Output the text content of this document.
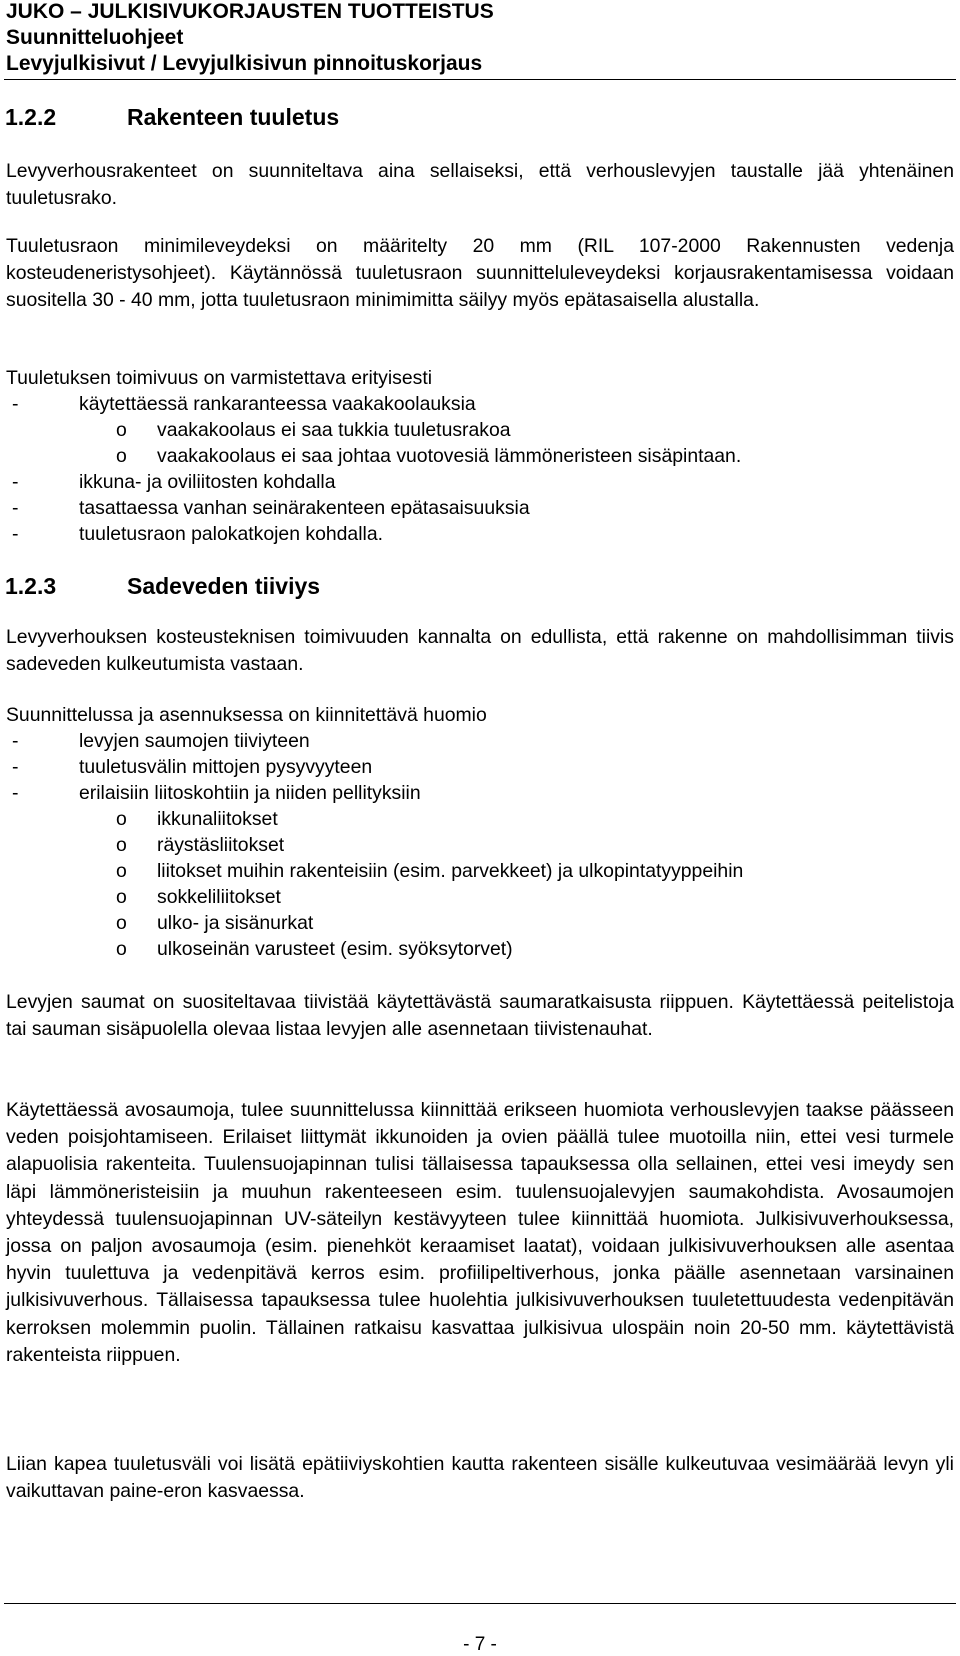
JUKO – JULKISIVUKORJAUSTEN TUOTTEISTUS
Suunnitteluohjeet
Levyjulkisivut / Levyjulkisivun pinnoituskorjaus
1.2.2	Rakenteen tuuletus
Levyverhousrakenteet on suunniteltava aina sellaiseksi, että verhouslevyjen taustalle jää yhtenäinen tuuletusrako.
Tuuletusraon minimileveydeksi on määritelty 20 mm (RIL 107-2000 Rakennusten vedenja kosteudeneristysohjeet). Käytännössä tuuletusraon suunnitteluleveydeksi korjausrakentamisessa voidaan suositella 30 - 40 mm, jotta tuuletusraon minimimitta säilyy myös epätasaisella alustalla.
Tuuletuksen toimivuus on varmistettava erityisesti
-	käytettäessä rankaranteessa vaakakoolauksia
o vaakakoolaus ei saa tukkia tuuletusrakoa
o vaakakoolaus ei saa johtaa vuotovesiä lämmöneristeen sisäpintaan.
-	ikkuna- ja oviliitosten kohdalla
-	tasattaessa vanhan seinärakenteen epätasaisuuksia
-	tuuletusraon palokatkojen kohdalla.
1.2.3	Sadeveden tiiviys
Levyverhouksen kosteusteknisen toimivuuden kannalta on edullista, että rakenne on mahdollisimman tiivis sadeveden kulkeutumista vastaan.
Suunnittelussa ja asennuksessa on kiinnitettävä huomio
-	levyjen saumojen tiiviyteen
-	tuuletusvälin mittojen pysyvyyteen
-	erilaisiin liitoskohtiin ja niiden pellityksiin
o ikkunaliitokset
o räystäsliitokset
o liitokset muihin rakenteisiin (esim. parvekkeet) ja ulkopintatyyppeihin
o sokkeliliitokset
o ulko- ja sisänurkat
o ulkoseinän varusteet (esim. syöksytorvet)
Levyjen saumat on suositeltavaa tiivistää käytettävästä saumaratkaisusta riippuen. Käytettäessä peitelistoja tai sauman sisäpuolella olevaa listaa levyjen alle asennetaan tiivistenauhat.
Käytettäessä avosaumoja, tulee suunnittelussa kiinnittää erikseen huomiota verhouslevyjen taakse päässeen veden poisjohtamiseen. Erilaiset liittymät ikkunoiden ja ovien päällä tulee muotoilla niin, ettei vesi turmele alapuolisia rakenteita. Tuulensuojapinnan tulisi tällaisessa tapauksessa olla sellainen, ettei vesi imeydy sen läpi lämmöneristeisiin ja muuhun rakenteeseen esim. tuulensuojalevyjen saumakohdista. Avosaumojen yhteydessä tuulensuojapinnan UV-säteilyn kestävyyteen tulee kiinnittää huomiota. Julkisivuverhouksessa, jossa on paljon avosaumoja (esim. pienehköt keraamiset laatat), voidaan julkisivuverhouksen alle asentaa hyvin tuulettuva ja vedenpitävä kerros esim. profiilipeltiverhous, jonka päälle asennetaan varsinainen julkisivuverhous. Tällaisessa tapauksessa tulee huolehtia julkisivuverhouksen tuuletettuudesta vedenpitävän kerroksen molemmin puolin. Tällainen ratkaisu kasvattaa julkisivua ulospäin noin 20-50 mm. käytettävistä rakenteista riippuen.
Liian kapea tuuletusväli voi lisätä epätiiviyskohtien kautta rakenteen sisälle kulkeutuvaa vesimäärää levyn yli vaikuttavan paine-eron kasvaessa.
- 7 -
